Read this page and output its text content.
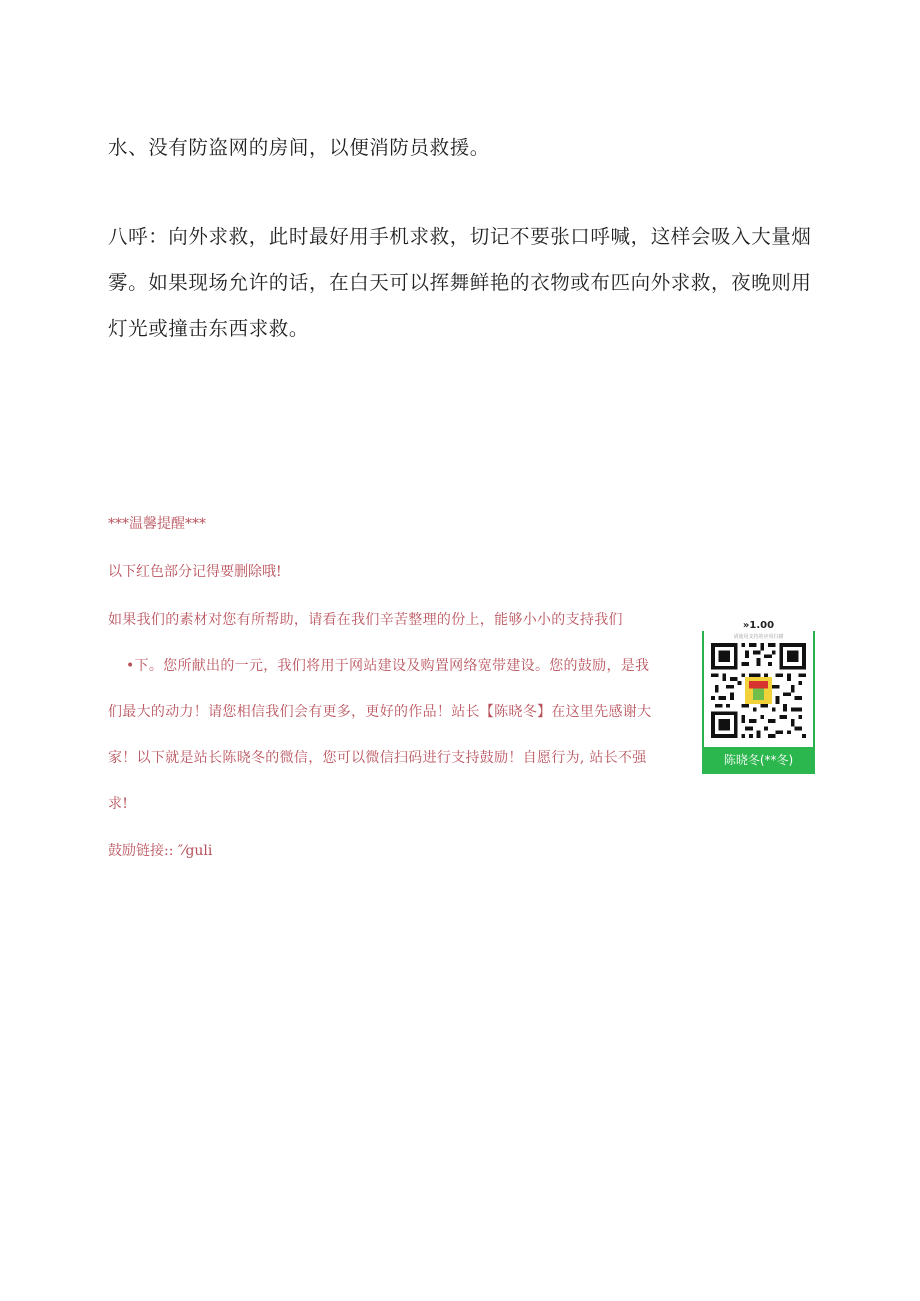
水、没有防盗网的房间，以便消防员救援。

八呼：向外求救，此时最好用手机求救，切记不要张口呼喊，这样会吸入大量烟雾。如果现场允许的话，在白天可以挥舞鲜艳的衣物或布匹向外求救，夜晚则用灯光或撞击东西求救。

***温馨提醒***

以下红色部分记得要删除哦!

如果我们的素材对您有所帮助，请看在我们辛苦整理的份上，能够小小的支持我们
•下。您所献出的一元，我们将用于网站建设及购置网络宽带建设。您的鼓励，是我
们最大的动力！请您相信我们会有更多，更好的作品！站长【陈晓冬】在这里先感谢大
家！以下就是站长陈晓冬的微信，您可以微信扫码进行支持鼓励！自愿行为, 站长不强
求!

鼓励链接:: ″⁄guli

»1.00
请使用支持的应用扫描
陈晓冬(**冬)
